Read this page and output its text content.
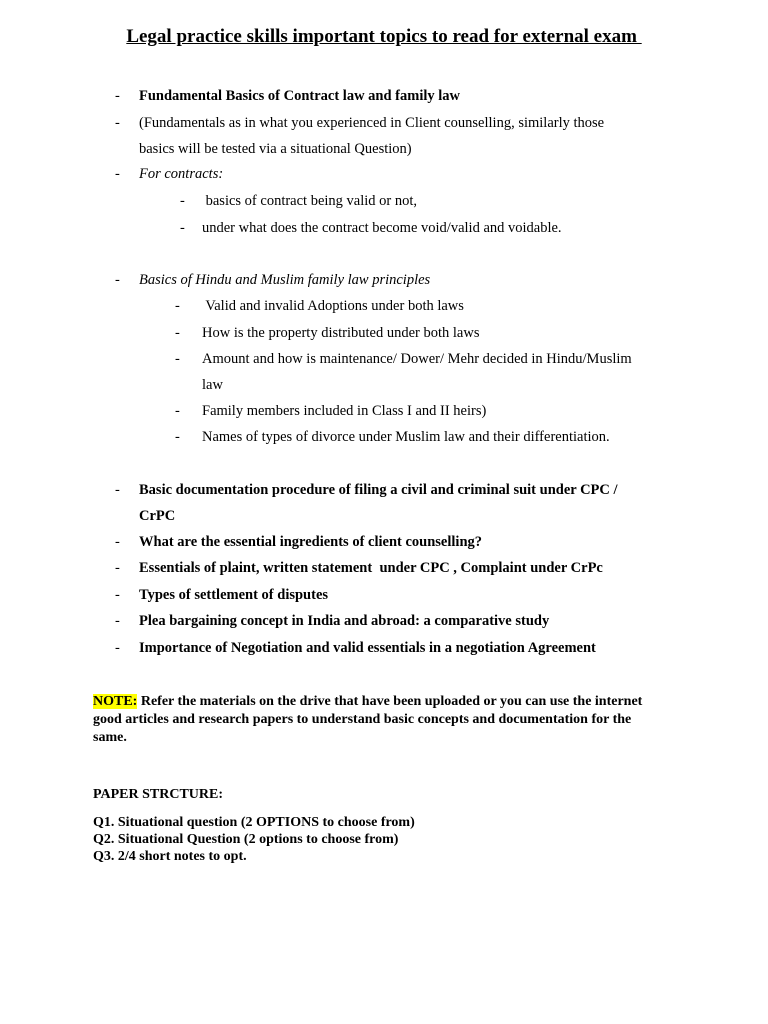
Legal practice skills important topics to read for external exam
- Fundamental Basics of Contract law and family law
- (Fundamentals as in what you experienced in Client counselling, similarly those
basics will be tested via a situational Question)
- For contracts:
- basics of contract being valid or not,
- under what does the contract become void/valid and voidable.
- Basics of Hindu and Muslim family law principles
- Valid and invalid Adoptions under both laws
- How is the property distributed under both laws
- Amount and how is maintenance/ Dower/ Mehr decided in Hindu/Muslim
law
- Family members included in Class I and II heirs)
- Names of types of divorce under Muslim law and their differentiation.
- Basic documentation procedure of filing a civil and criminal suit under CPC /
CrPC
- What are the essential ingredients of client counselling?
- Essentials of plaint, written statement  under CPC , Complaint under CrPc
- Types of settlement of disputes
- Plea bargaining concept in India and abroad: a comparative study
- Importance of Negotiation and valid essentials in a negotiation Agreement
NOTE: Refer the materials on the drive that have been uploaded or you can use the internet good articles and research papers to understand basic concepts and documentation for the same.
PAPER STRCTURE:
Q1. Situational question (2 OPTIONS to choose from)
Q2. Situational Question (2 options to choose from)
Q3. 2/4 short notes to opt.
